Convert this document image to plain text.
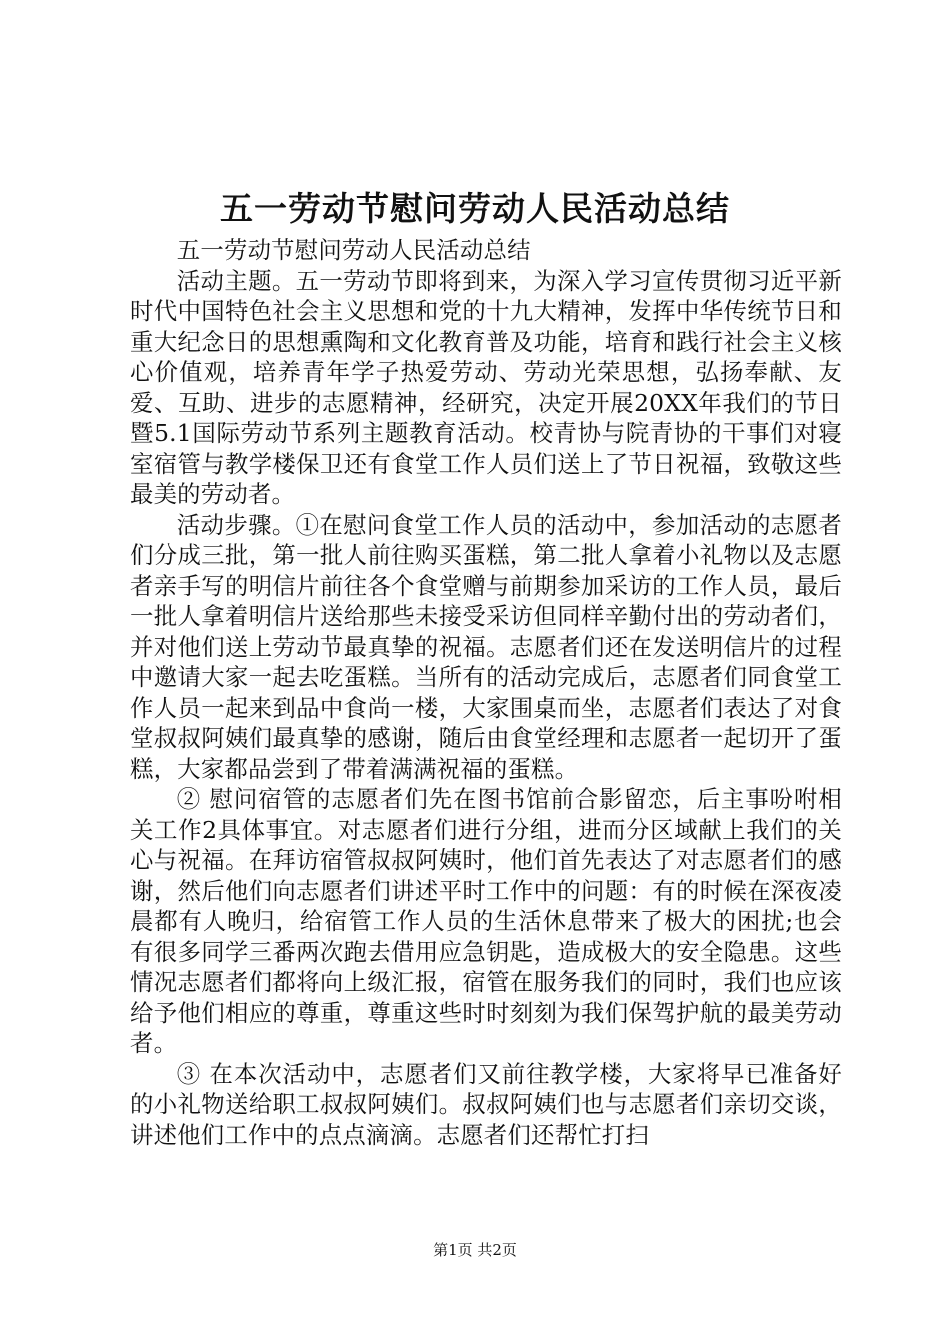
五一劳动节慰问劳动人民活动总结

五一劳动节慰问劳动人民活动总结

活动主题。五一劳动节即将到来，为深入学习宣传贯彻习近平新时代中国特色社会主义思想和党的十九大精神，发挥中华传统节日和重大纪念日的思想熏陶和文化教育普及功能，培育和践行社会主义核心价值观，培养青年学子热爱劳动、劳动光荣思想，弘扬奉献、友爱、互助、进步的志愿精神，经研究，决定开展20XX年我们的节日暨5.1国际劳动节系列主题教育活动。校青协与院青协的干事们对寝室宿管与教学楼保卫还有食堂工作人员们送上了节日祝福，致敬这些最美的劳动者。

活动步骤。①在慰问食堂工作人员的活动中，参加活动的志愿者们分成三批，第一批人前往购买蛋糕，第二批人拿着小礼物以及志愿者亲手写的明信片前往各个食堂赠与前期参加采访的工作人员，最后一批人拿着明信片送给那些未接受采访但同样辛勤付出的劳动者们，并对他们送上劳动节最真挚的祝福。志愿者们还在发送明信片的过程中邀请大家一起去吃蛋糕。当所有的活动完成后，志愿者们同食堂工作人员一起来到品中食尚一楼，大家围桌而坐，志愿者们表达了对食堂叔叔阿姨们最真挚的感谢，随后由食堂经理和志愿者一起切开了蛋糕，大家都品尝到了带着满满祝福的蛋糕。

② 慰问宿管的志愿者们先在图书馆前合影留恋，后主事吩咐相关工作2具体事宜。对志愿者们进行分组，进而分区域献上我们的关心与祝福。在拜访宿管叔叔阿姨时，他们首先表达了对志愿者们的感谢，然后他们向志愿者们讲述平时工作中的问题：有的时候在深夜凌晨都有人晚归，给宿管工作人员的生活休息带来了极大的困扰;也会有很多同学三番两次跑去借用应急钥匙，造成极大的安全隐患。这些情况志愿者们都将向上级汇报，宿管在服务我们的同时，我们也应该给予他们相应的尊重，尊重这些时时刻刻为我们保驾护航的最美劳动者。

③ 在本次活动中，志愿者们又前往教学楼，大家将早已准备好的小礼物送给职工叔叔阿姨们。叔叔阿姨们也与志愿者们亲切交谈，讲述他们工作中的点点滴滴。志愿者们还帮忙打扫

第1页 共2页
